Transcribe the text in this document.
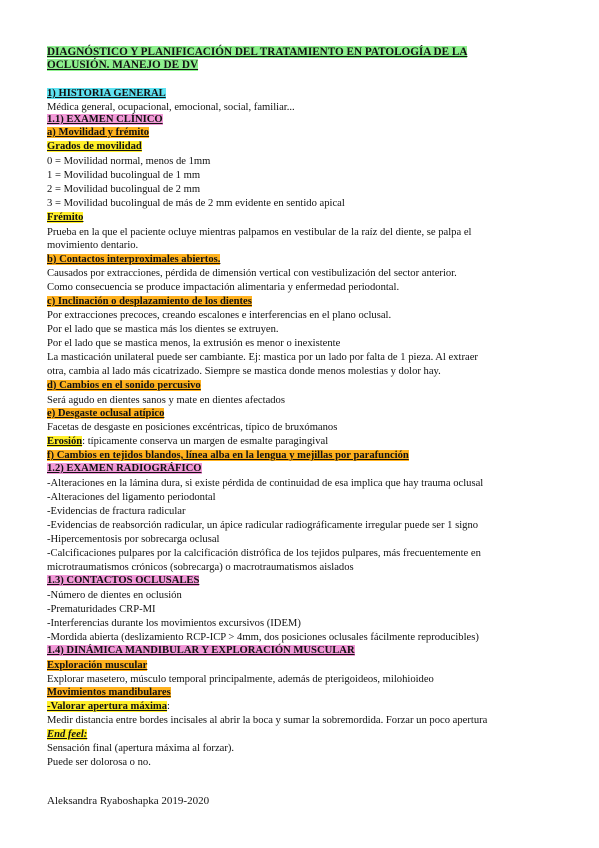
DIAGNÓSTICO Y PLANIFICACIÓN DEL TRATAMIENTO EN PATOLOGÍA DE LA
OCLUSIÓN. MANEJO DE DV
1) HISTORIA GENERAL
Médica general, ocupacional, emocional, social, familiar...
1.1) EXAMEN CLÍNICO
a) Movilidad y frémito
Grados de movilidad
0 = Movilidad normal, menos de 1mm
1 = Movilidad bucolingual de 1 mm
2 = Movilidad bucolingual de 2 mm
3 = Movilidad bucolingual de más de 2 mm evidente en sentido apical
Frémito
Prueba en la que el paciente ocluye mientras palpamos en vestibular de la raíz del diente, se palpa el
movimiento dentario.
b) Contactos interproximales abiertos.
Causados por extracciones, pérdida de dimensión vertical con vestibulización del sector anterior.
Como consecuencia se produce impactación alimentaria y enfermedad periodontal.
c) Inclinación o desplazamiento de los dientes
Por extracciones precoces, creando escalones e interferencias en el plano oclusal.
Por el lado que se mastica más los dientes se extruyen.
Por el lado que se mastica menos, la extrusión es menor o inexistente
La masticación unilateral puede ser cambiante. Ej: mastica por un lado por falta de 1 pieza. Al extraer
otra, cambia al lado más cicatrizado. Siempre se mastica donde menos molestias y dolor hay.
d) Cambios en el sonido percusivo
Será agudo en dientes sanos y mate en dientes afectados
e) Desgaste oclusal atípico
Facetas de desgaste en posiciones excéntricas, típico de bruxómanos
Erosión: típicamente conserva un margen de esmalte paragingival
f) Cambios en tejidos blandos, línea alba en la lengua y mejillas por parafunción
1.2) EXAMEN RADIOGRÁFICO
-Alteraciones en la lámina dura, si existe pérdida de continuidad de esa implica que hay trauma oclusal
-Alteraciones del ligamento periodontal
-Evidencias de fractura radicular
-Evidencias de reabsorción radicular, un ápice radicular radiográficamente irregular puede ser 1 signo
-Hipercementosis por sobrecarga oclusal
-Calcificaciones pulpares por la calcificación distrófica de los tejidos pulpares, más frecuentemente en
microtraumatismos crónicos (sobrecarga) o macrotraumatismos aislados
1.3) CONTACTOS OCLUSALES
-Número de dientes en oclusión
-Prematuridades CRP-MI
-Interferencias durante los movimientos excursivos (IDEM)
-Mordida abierta (deslizamiento RCP-ICP > 4mm, dos posiciones oclusales fácilmente reproducibles)
1.4) DINÁMICA MANDIBULAR Y EXPLORACIÓN MUSCULAR
Exploración muscular
Explorar masetero, músculo temporal principalmente, además de pterigoideos, milohioideo
Movimientos mandibulares
-Valorar apertura máxima:
Medir distancia entre bordes incisales al abrir la boca y sumar la sobremordida. Forzar un poco apertura
End feel:
Sensación final (apertura máxima al forzar).
Puede ser dolorosa o no.
Aleksandra Ryaboshapka 2019-2020
